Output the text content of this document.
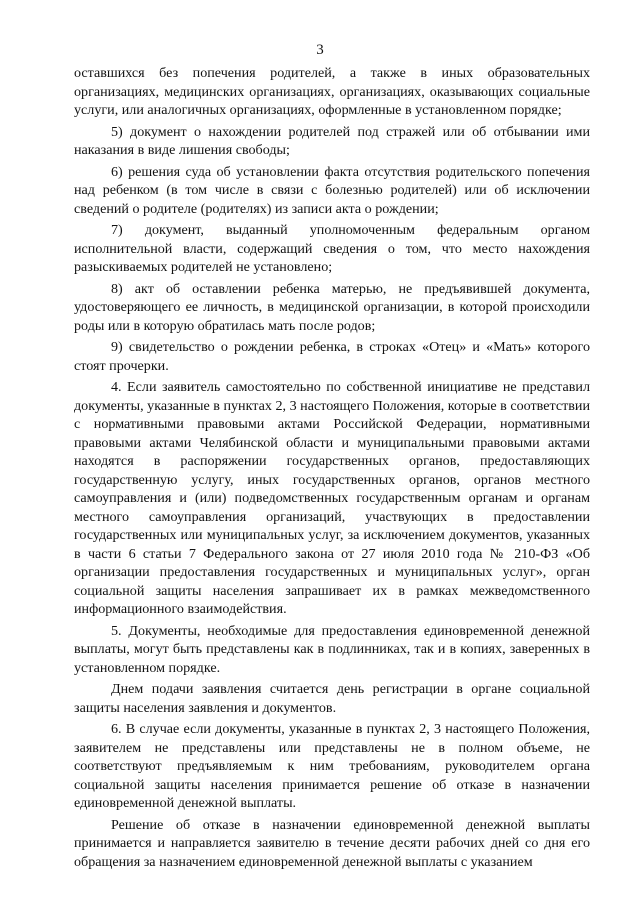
3

оставшихся без попечения родителей, а также в иных образовательных организациях, медицинских организациях, организациях, оказывающих социальные услуги, или аналогичных организациях, оформленные в установленном порядке;

5) документ о нахождении родителей под стражей или об отбывании ими наказания в виде лишения свободы;

6) решения суда об установлении факта отсутствия родительского попечения над ребенком (в том числе в связи с болезнью родителей) или об исключении сведений о родителе (родителях) из записи акта о рождении;

7) документ, выданный уполномоченным федеральным органом исполнительной власти, содержащий сведения о том, что место нахождения разыскиваемых родителей не установлено;

8) акт об оставлении ребенка матерью, не предъявившей документа, удостоверяющего ее личность, в медицинской организации, в которой происходили роды или в которую обратилась мать после родов;

9) свидетельство о рождении ребенка, в строках «Отец» и «Мать» которого стоят прочерки.

4. Если заявитель самостоятельно по собственной инициативе не представил документы, указанные в пунктах 2, 3 настоящего Положения, которые в соответствии с нормативными правовыми актами Российской Федерации, нормативными правовыми актами Челябинской области и муниципальными правовыми актами находятся в распоряжении государственных органов, предоставляющих государственную услугу, иных государственных органов, органов местного самоуправления и (или) подведомственных государственным органам и органам местного самоуправления организаций, участвующих в предоставлении государственных или муниципальных услуг, за исключением документов, указанных в части 6 статьи 7 Федерального закона от 27 июля 2010 года № 210-ФЗ «Об организации предоставления государственных и муниципальных услуг», орган социальной защиты населения запрашивает их в рамках межведомственного информационного взаимодействия.

5. Документы, необходимые для предоставления единовременной денежной выплаты, могут быть представлены как в подлинниках, так и в копиях, заверенных в установленном порядке.

Днем подачи заявления считается день регистрации в органе социальной защиты населения заявления и документов.

6. В случае если документы, указанные в пунктах 2, 3 настоящего Положения, заявителем не представлены или представлены не в полном объеме, не соответствуют предъявляемым к ним требованиям, руководителем органа социальной защиты населения принимается решение об отказе в назначении единовременной денежной выплаты.

Решение об отказе в назначении единовременной денежной выплаты принимается и направляется заявителю в течение десяти рабочих дней со дня его обращения за назначением единовременной денежной выплаты с указанием
